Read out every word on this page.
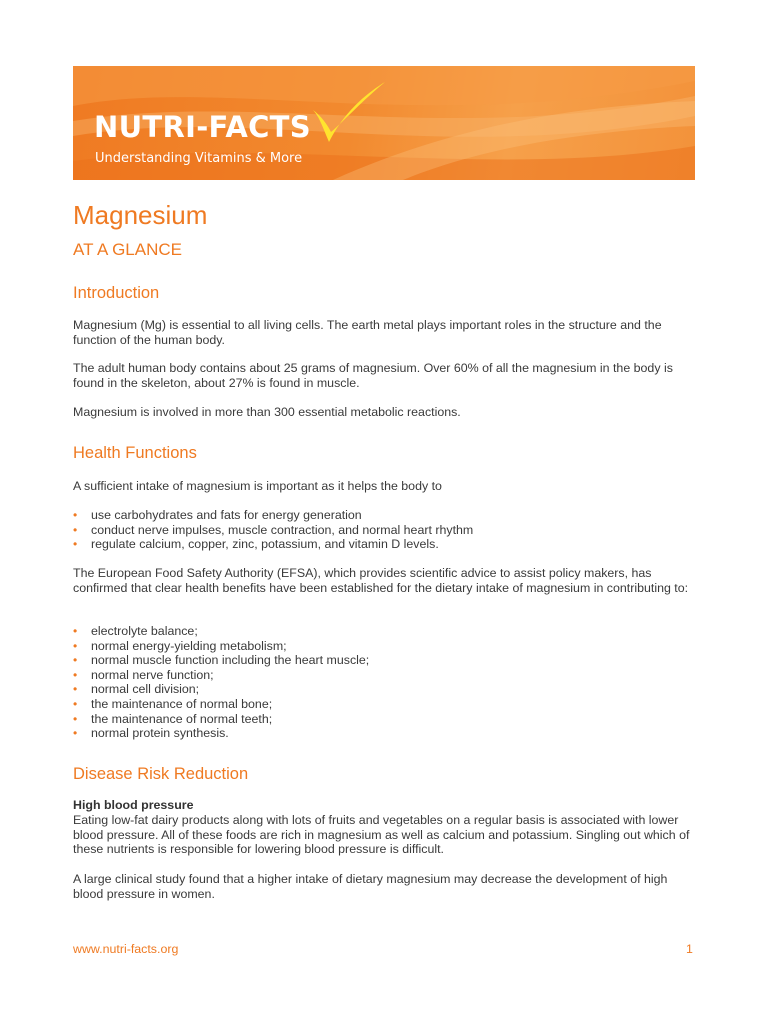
NUTRI-FACTS
Understanding Vitamins & More
Magnesium
AT A GLANCE
Introduction

Magnesium (Mg) is essential to all living cells. The earth metal plays important roles in the structure and the function of the human body.

The adult human body contains about 25 grams of magnesium. Over 60% of all the magnesium in the body is found in the skeleton, about 27% is found in muscle.

Magnesium is involved in more than 300 essential metabolic reactions.

Health Functions

A sufficient intake of magnesium is important as it helps the body to

• use carbohydrates and fats for energy generation
• conduct nerve impulses, muscle contraction, and normal heart rhythm
• regulate calcium, copper, zinc, potassium, and vitamin D levels.

The European Food Safety Authority (EFSA), which provides scientific advice to assist policy makers, has confirmed that clear health benefits have been established for the dietary intake of magnesium in contributing to:

• electrolyte balance;
• normal energy-yielding metabolism;
• normal muscle function including the heart muscle;
• normal nerve function;
• normal cell division;
• the maintenance of normal bone;
• the maintenance of normal teeth;
• normal protein synthesis.
Disease Risk Reduction
High blood pressure

Eating low-fat dairy products along with lots of fruits and vegetables on a regular basis is associated with lower blood pressure. All of these foods are rich in magnesium as well as calcium and potassium. Singling out which of these nutrients is responsible for lowering blood pressure is difficult.

A large clinical study found that a higher intake of dietary magnesium may decrease the development of high blood pressure in women.

www.nutri-facts.org	1
